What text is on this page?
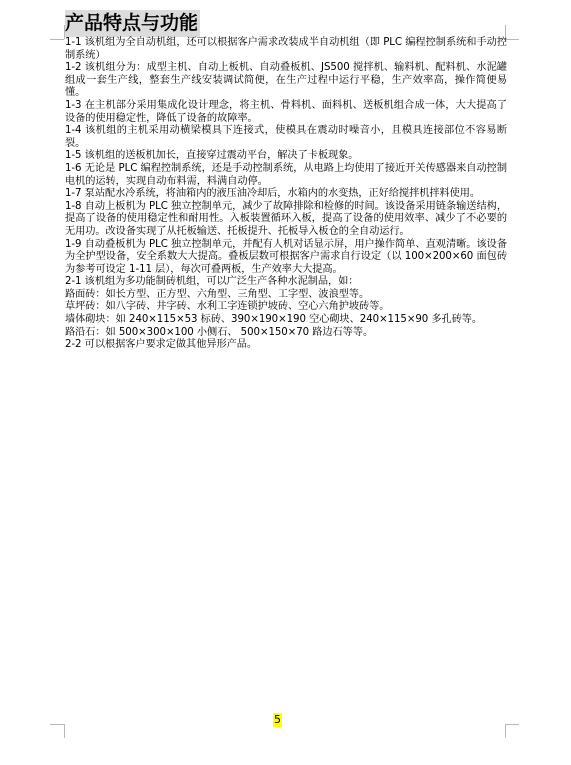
产品特点与功能

1-1 该机组为全自动机组，还可以根据客户需求改装成半自动机组（即 PLC 编程控制系统和手动控制系统）

1-2 该机组分为：成型主机、自动上板机、自动叠板机、JS500 搅拌机、输料机、配料机、水泥罐组成一套生产线，整套生产线安装调试简便，在生产过程中运行平稳，生产效率高，操作简便易懂。

1-3 在主机部分采用集成化设计理念，将主机、骨料机、面料机、送板机组合成一体，大大提高了设备的使用稳定性，降低了设备的故障率。

1-4 该机组的主机采用动横梁模具下连接式，使模具在震动时噪音小，且模具连接部位不容易断裂。

1-5 该机组的送板机加长，直接穿过震动平台，解决了卡板现象。

1-6 无论是 PLC 编程控制系统，还是手动控制系统，从电路上均使用了接近开关传感器来自动控制电机的运转，实现自动布料需，料满自动停。

1-7 泵站配水冷系统，将油箱内的液压油冷却后，水箱内的水变热，正好给搅拌机拌料使用。

1-8 自动上板机为 PLC 独立控制单元，减少了故障排除和检修的时间。该设备采用链条输送结构，提高了设备的使用稳定性和耐用性。入板装置循环入板，提高了设备的使用效率、减少了不必要的无用功。改设备实现了从托板输送、托板提升、托板导入板仓的全自动运行。

1-9 自动叠板机为 PLC 独立控制单元，并配有人机对话显示屏，用户操作简单、直观清晰。该设备为全护型设备，安全系数大大提高。叠板层数可根据客户需求自行设定（以 100×200×60 面包砖为参考可设定 1-11 层），每次可叠两板，生产效率大大提高。

2-1 该机组为多功能制砖机组，可以广泛生产各种水泥制品，如：

路面砖：如长方型、正方型、六角型、三角型、工字型、波浪型等。

草坪砖：如八字砖、井字砖、水利工字连锁护坡砖、空心六角护坡砖等。

墙体砌块：如 240×115×53 标砖、390×190×190 空心砌块、240×115×90 多孔砖等。

路沿石：如 500×300×100 小侧石、 500×150×70 路边石等等。

2-2 可以根据客户要求定做其他异形产品。

5
